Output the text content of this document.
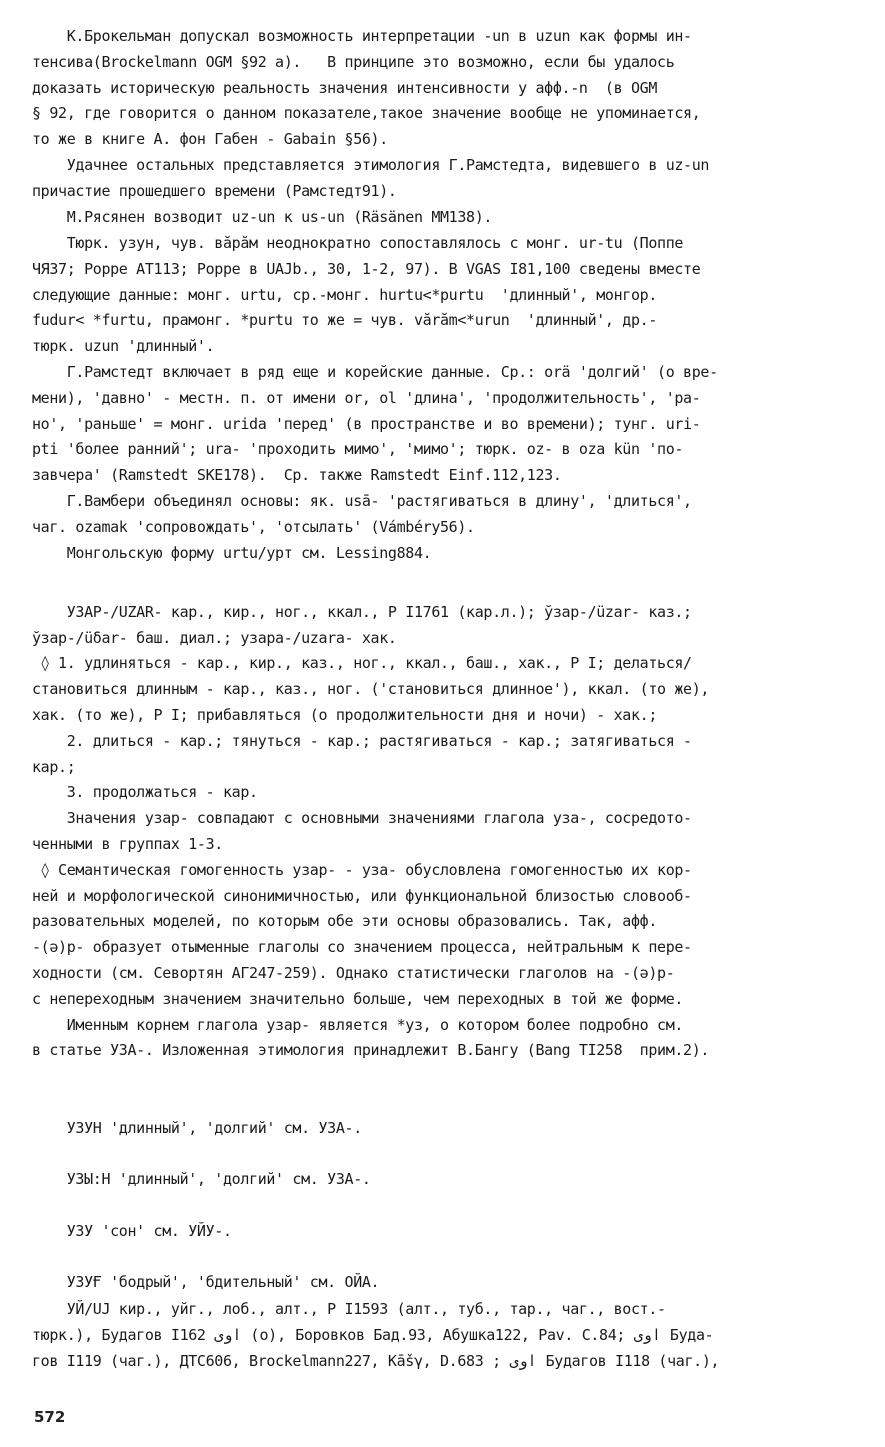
К.Брокельман допускал возможность интерпретации -un в uzun как формы ин-
тенсива(Brockelmann OGM §92 a).   В принципе это возможно, если бы удалось
доказать историческую реальность значения интенсивности у афф.-n  (в OGM
§ 92, где говорится о данном показателе,такое значение вообще не упоминается,
то же в книге А. фон Габен - Gabain §56).
Удачнее остальных представляется этимология Г.Рамстедта, видевшего в uz-un
причастие прошедшего времени (Рамстедт91).
М.Рясянен возводит uz-un к us-un (Räsänen MM138).
Тюрк. узун, чув. вăрăм неоднократно сопоставлялось с монг. ur-tu (Поппе
ЧЯ37; Poppe AT113; Poppe в UAJb., 30, 1-2, 97). В VGAS I81,100 сведены вместе
следующие данные: монг. urtu, ср.-монг. hurtu<*purtu  'длинный', монгор.
fudur< *furtu, прамонг. *purtu то же = чув. vărăm<*urun  'длинный', др.-
тюрк. uzun 'длинный'.
Г.Рамстедт включает в ряд еще и корейские данные. Ср.: orä 'долгий' (о вре-
мени), 'давно' - местн. п. от имени or, ol 'длина', 'продолжительность', 'ра-
но', 'раньше' = монг. urida 'перед' (в пространстве и во времени); тунг. uri-
pti 'более ранний'; ura- 'проходить мимо', 'мимо'; тюрк. oz- в oza kün 'по-
завчера' (Ramstedt SKE178).  Ср. также Ramstedt Einf.112,123.
Г.Вамбери объединял основы: як. usā- 'растягиваться в длину', 'длиться',
чаг. ozamak 'сопровождать', 'отсылать' (Vámbéry56).
Монгольскую форму urtu/урт см. Lessing884.
УЗАР-/UZAR- кар., кир., ног., ккал., Р I1761 (кар.л.); ўзар-/üzar- каз.;
ўзар-/üδar- баш. диал.; узара-/uzara- хак.
◊ 1. удлиняться - кар., кир., каз., ног., ккал., баш., хак., Р I; делаться/
становиться длинным - кар., каз., ног. ('становиться длинное'), ккал. (то же),
хак. (то же), Р I; прибавляться (о продолжительности дня и ночи) - хак.;
2. длиться - кар.; тянуться - кар.; растягиваться - кар.; затягиваться -
кар.;
3. продолжаться - кар.
Значения узар- совпадают с основными значениями глагола уза-, сосредото-
ченными в группах 1-3.
◊ Семантическая гомогенность узар- - уза- обусловлена гомогенностью их кор-
ней и морфологической синонимичностью, или функциональной близостью словооб-
разовательных моделей, по которым обе эти основы образовались. Так, афф.
-(ə)р- образует отыменные глаголы со значением процесса, нейтральным к пере-
ходности (см. Севортян АГ247-259). Однако статистически глаголов на -(ə)р-
с непереходным значением значительно больше, чем переходных в той же форме.
Именным корнем глагола узар- является *уз, о котором более подробно см.
в статье УЗА-. Изложенная этимология принадлежит В.Бангу (Bang TI258  прим.2).
УЗУН 'длинный', 'долгий' см. УЗА-.
УЗЫ:Н 'длинный', 'долгий' см. УЗА-.
УЗУ 'сон' см. УЙУ-.
УЗУҒ 'бодрый', 'бдительный' см. ОЙА.
УЙ/UJ кир., уйг., лоб., алт., Р I1593 (алт., туб., тар., чаг., вост.-
тюрк.), Будагов I162 اوی (o), Боровков Бад.93, Абушка122, Pav. C.84; اوی Буда-
гов I119 (чаг.), ДТС606, Brockelmann227, Kāšγ, D.683 ; اوی Будагов I118 (чаг.),
572
